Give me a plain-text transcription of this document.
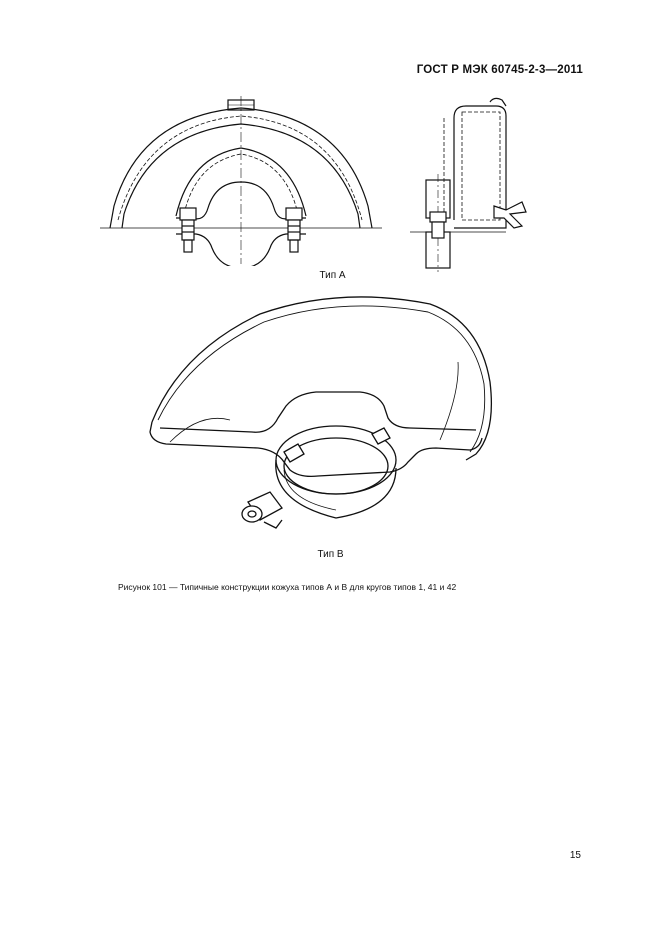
ГОСТ Р МЭК 60745-2-3—2011
Тип А
Тип В
Рисунок 101 — Типичные конструкции кожуха типов А и В для кругов типов 1, 41 и 42
15
